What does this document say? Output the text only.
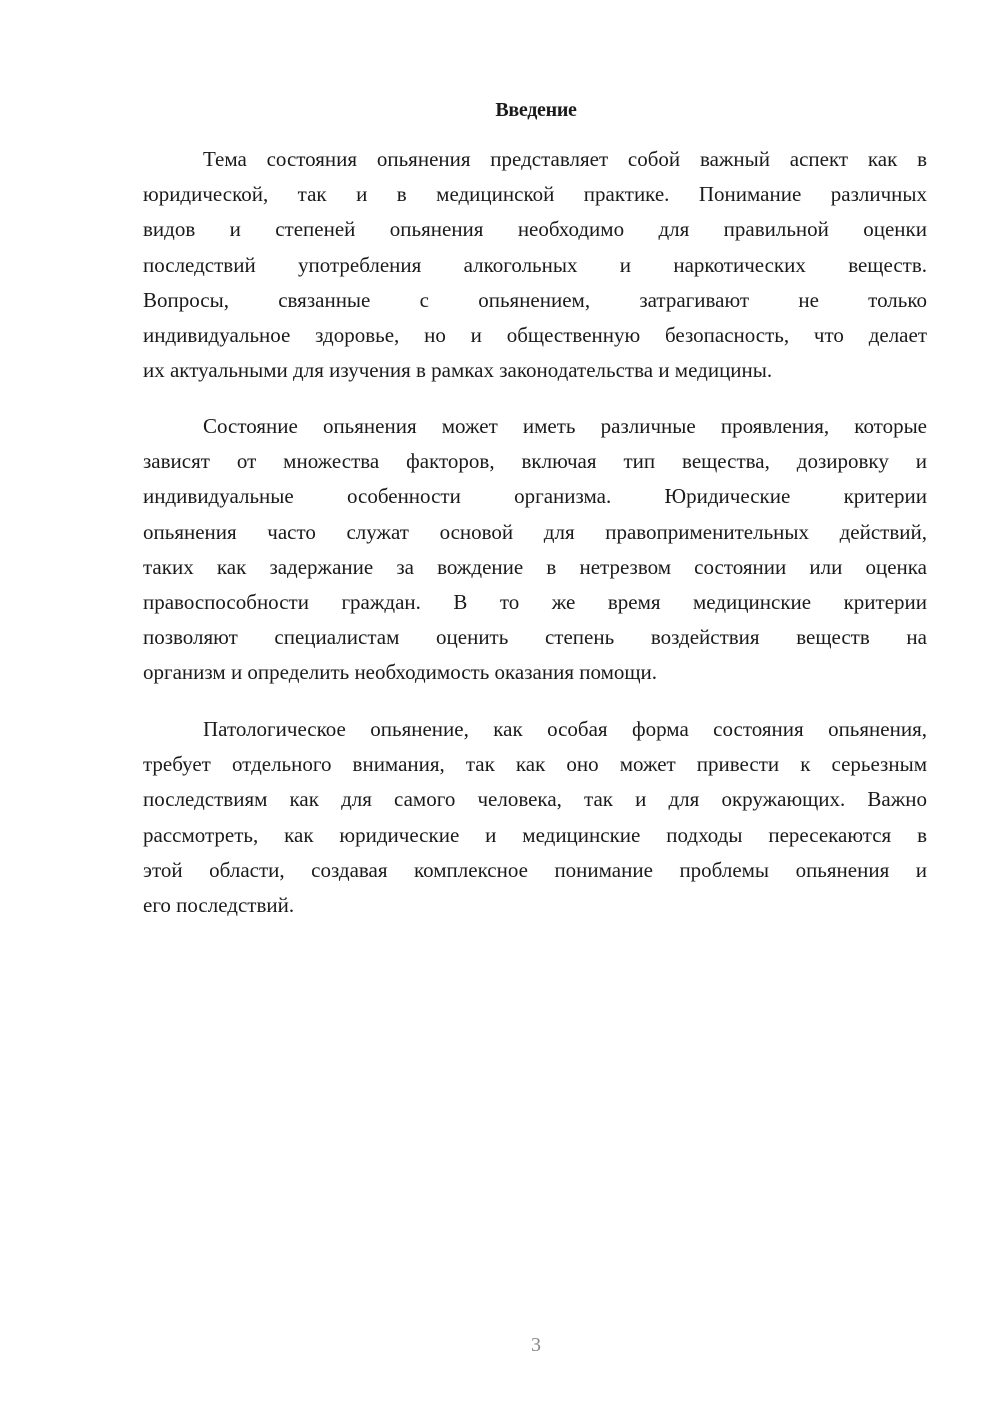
Введение
Тема состояния опьянения представляет собой важный аспект как в
юридической, так и в медицинской практике. Понимание различных
видов и степеней опьянения необходимо для правильной оценки
последствий употребления алкогольных и наркотических веществ.
Вопросы, связанные с опьянением, затрагивают не только
индивидуальное здоровье, но и общественную безопасность, что делает
их актуальными для изучения в рамках законодательства и медицины.
Состояние опьянения может иметь различные проявления, которые
зависят от множества факторов, включая тип вещества, дозировку и
индивидуальные особенности организма. Юридические критерии
опьянения часто служат основой для правоприменительных действий,
таких как задержание за вождение в нетрезвом состоянии или оценка
правоспособности граждан. В то же время медицинские критерии
позволяют специалистам оценить степень воздействия веществ на
организм и определить необходимость оказания помощи.
Патологическое опьянение, как особая форма состояния опьянения,
требует отдельного внимания, так как оно может привести к серьезным
последствиям как для самого человека, так и для окружающих. Важно
рассмотреть, как юридические и медицинские подходы пересекаются в
этой области, создавая комплексное понимание проблемы опьянения и
его последствий.
3
